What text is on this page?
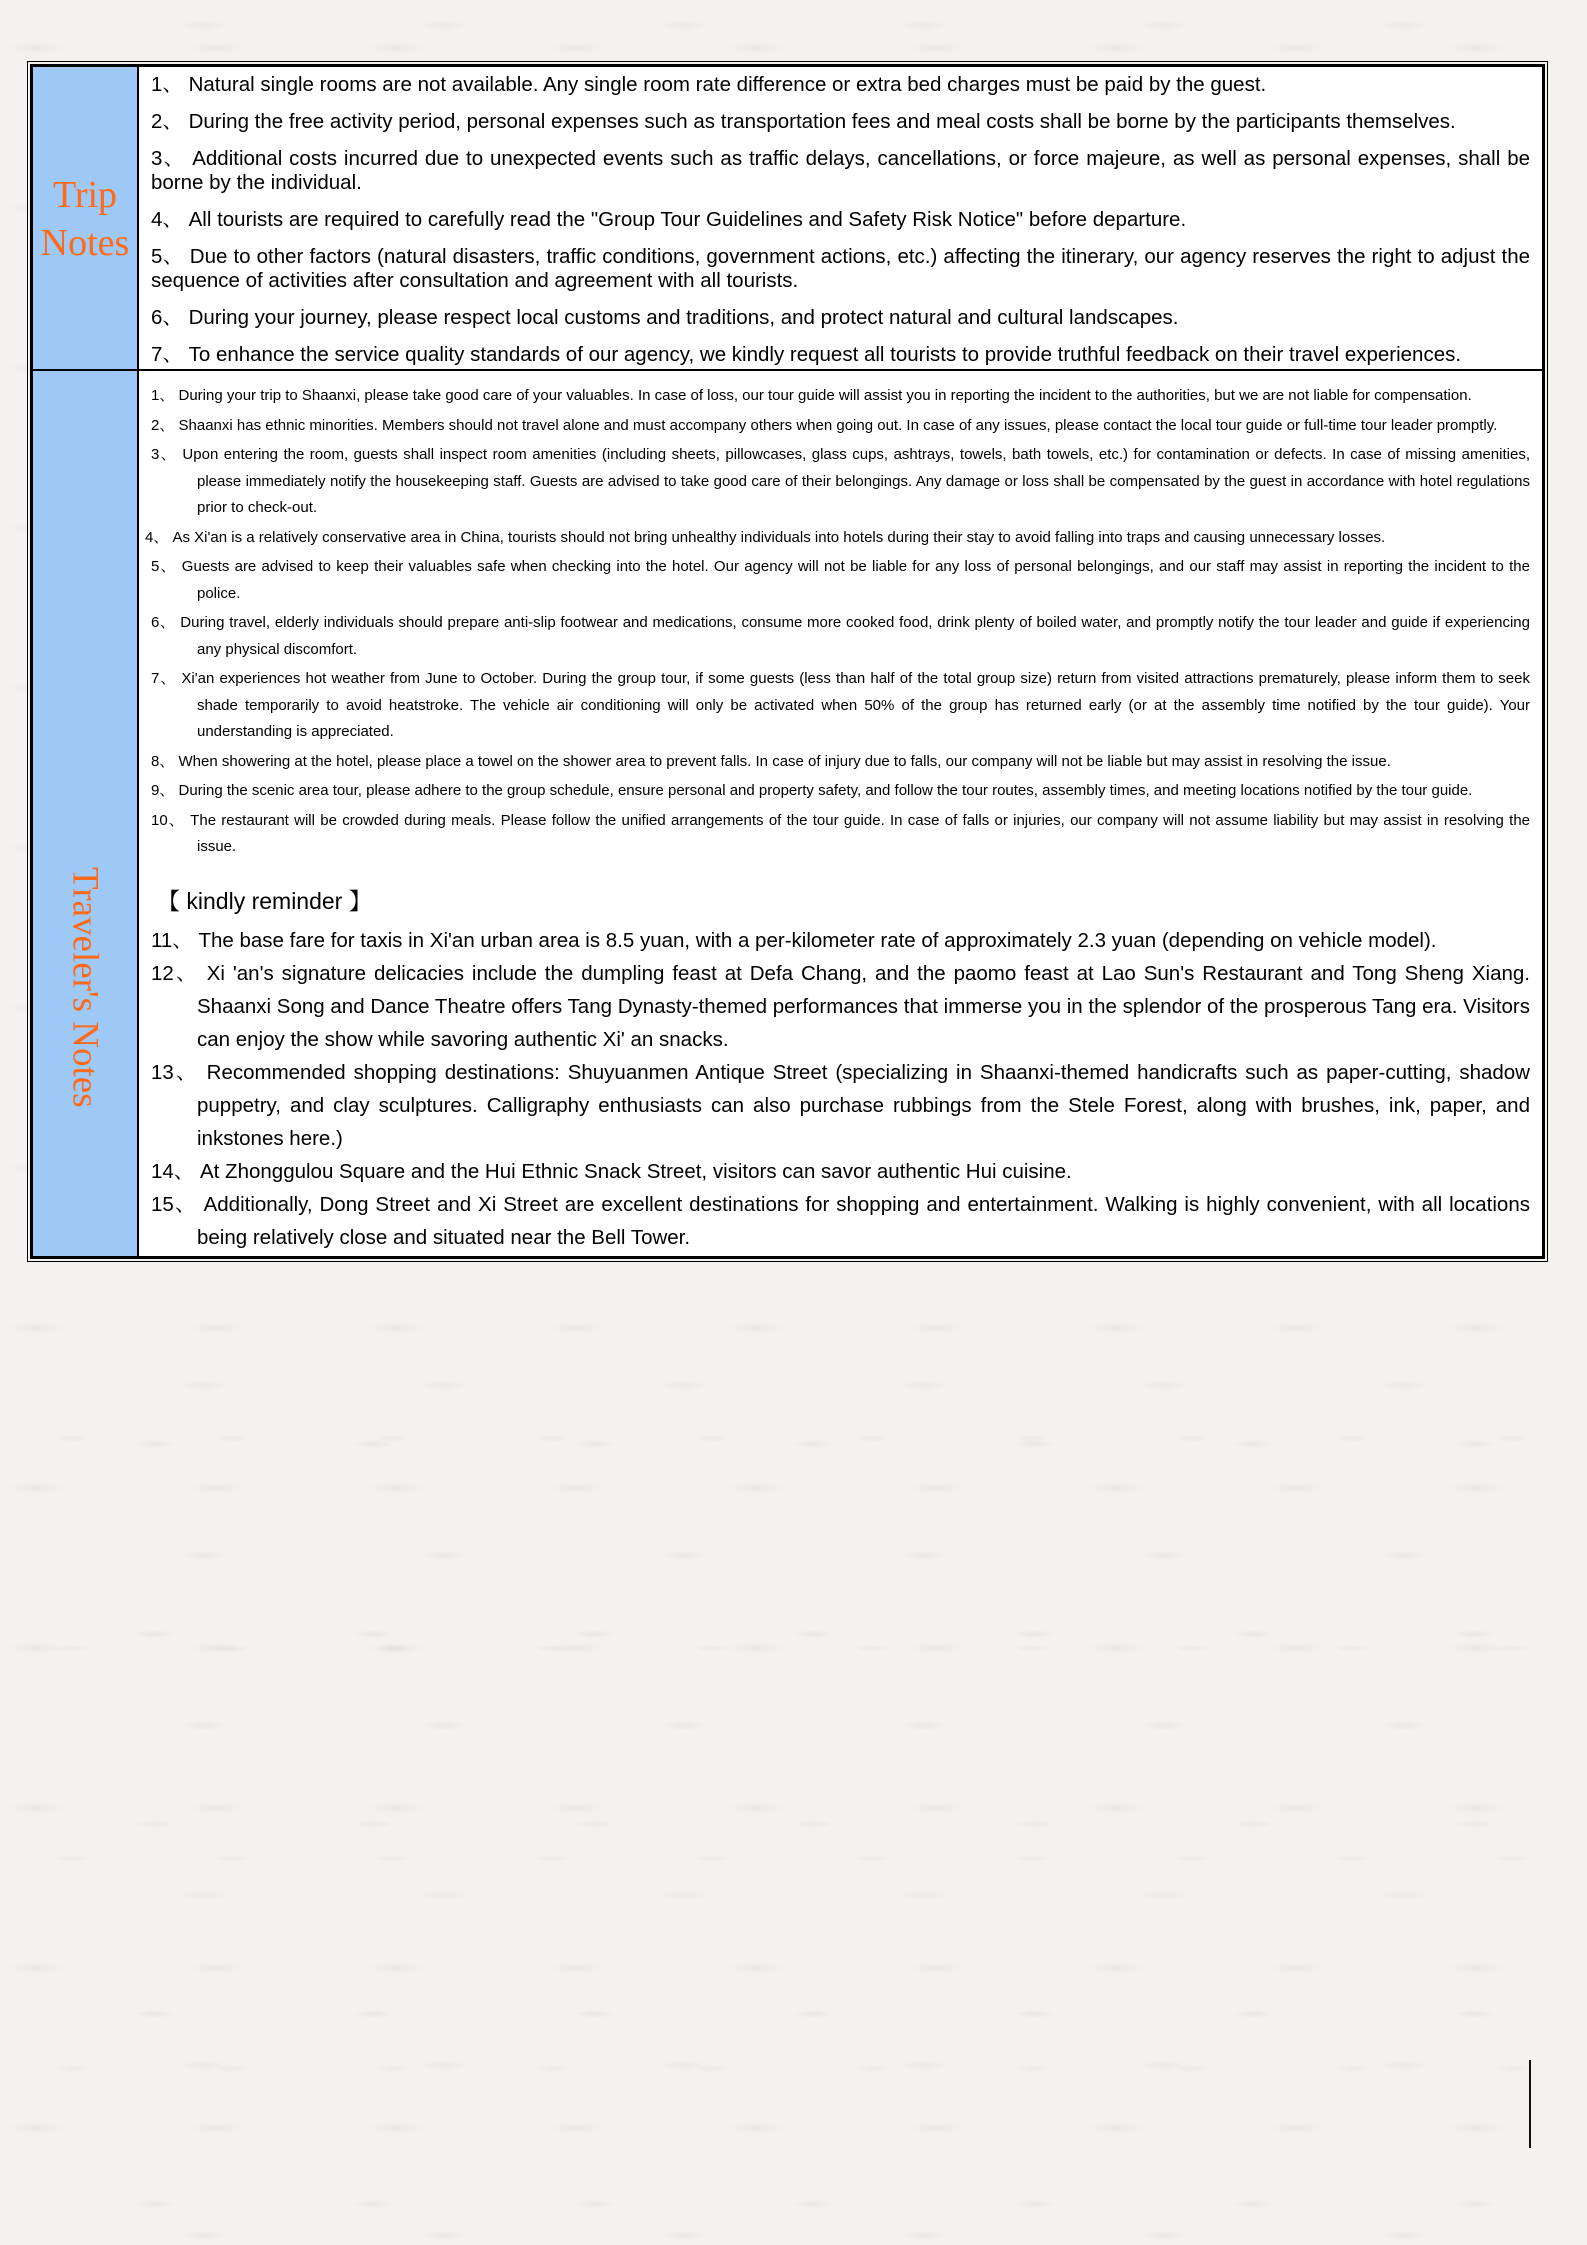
Trip
Notes
1、 Natural single rooms are not available. Any single room rate difference or extra bed charges must be paid by the guest.
2、 During the free activity period, personal expenses such as transportation fees and meal costs shall be borne by the participants themselves.
3、 Additional costs incurred due to unexpected events such as traffic delays, cancellations, or force majeure, as well as personal expenses, shall be borne by the individual.
4、 All tourists are required to carefully read the "Group Tour Guidelines and Safety Risk Notice" before departure.
5、 Due to other factors (natural disasters, traffic conditions, government actions, etc.) affecting the itinerary, our agency reserves the right to adjust the sequence of activities after consultation and agreement with all tourists.
6、 During your journey, please respect local customs and traditions, and protect natural and cultural landscapes.
7、 To enhance the service quality standards of our agency, we kindly request all tourists to provide truthful feedback on their travel experiences.
Traveler's Notes
1、 During your trip to Shaanxi, please take good care of your valuables. In case of loss, our tour guide will assist you in reporting the incident to the authorities, but we are not liable for compensation.
2、 Shaanxi has ethnic minorities. Members should not travel alone and must accompany others when going out. In case of any issues, please contact the local tour guide or full-time tour leader promptly.
3、 Upon entering the room, guests shall inspect room amenities (including sheets, pillowcases, glass cups, ashtrays, towels, bath towels, etc.) for contamination or defects. In case of missing amenities, please immediately notify the housekeeping staff. Guests are advised to take good care of their belongings. Any damage or loss shall be compensated by the guest in accordance with hotel regulations prior to check-out.
4、 As Xi'an is a relatively conservative area in China, tourists should not bring unhealthy individuals into hotels during their stay to avoid falling into traps and causing unnecessary losses.
5、 Guests are advised to keep their valuables safe when checking into the hotel. Our agency will not be liable for any loss of personal belongings, and our staff may assist in reporting the incident to the police.
6、 During travel, elderly individuals should prepare anti-slip footwear and medications, consume more cooked food, drink plenty of boiled water, and promptly notify the tour leader and guide if experiencing any physical discomfort.
7、 Xi'an experiences hot weather from June to October. During the group tour, if some guests (less than half of the total group size) return from visited attractions prematurely, please inform them to seek shade temporarily to avoid heatstroke. The vehicle air conditioning will only be activated when 50% of the group has returned early (or at the assembly time notified by the tour guide). Your understanding is appreciated.
8、 When showering at the hotel, please place a towel on the shower area to prevent falls. In case of injury due to falls, our company will not be liable but may assist in resolving the issue.
9、 During the scenic area tour, please adhere to the group schedule, ensure personal and property safety, and follow the tour routes, assembly times, and meeting locations notified by the tour guide.
10、 The restaurant will be crowded during meals. Please follow the unified arrangements of the tour guide. In case of falls or injuries, our company will not assume liability but may assist in resolving the issue.
【 kindly reminder 】
11、 The base fare for taxis in Xi'an urban area is 8.5 yuan, with a per-kilometer rate of approximately 2.3 yuan (depending on vehicle model).
12、 Xi 'an's signature delicacies include the dumpling feast at Defa Chang, and the paomo feast at Lao Sun's Restaurant and Tong Sheng Xiang. Shaanxi Song and Dance Theatre offers Tang Dynasty-themed performances that immerse you in the splendor of the prosperous Tang era. Visitors can enjoy the show while savoring authentic Xi' an snacks.
13、 Recommended shopping destinations: Shuyuanmen Antique Street (specializing in Shaanxi-themed handicrafts such as paper-cutting, shadow puppetry, and clay sculptures. Calligraphy enthusiasts can also purchase rubbings from the Stele Forest, along with brushes, ink, paper, and inkstones here.)
14、 At Zhonggulou Square and the Hui Ethnic Snack Street, visitors can savor authentic Hui cuisine.
15、 Additionally, Dong Street and Xi Street are excellent destinations for shopping and entertainment. Walking is highly convenient, with all locations being relatively close and situated near the Bell Tower.
